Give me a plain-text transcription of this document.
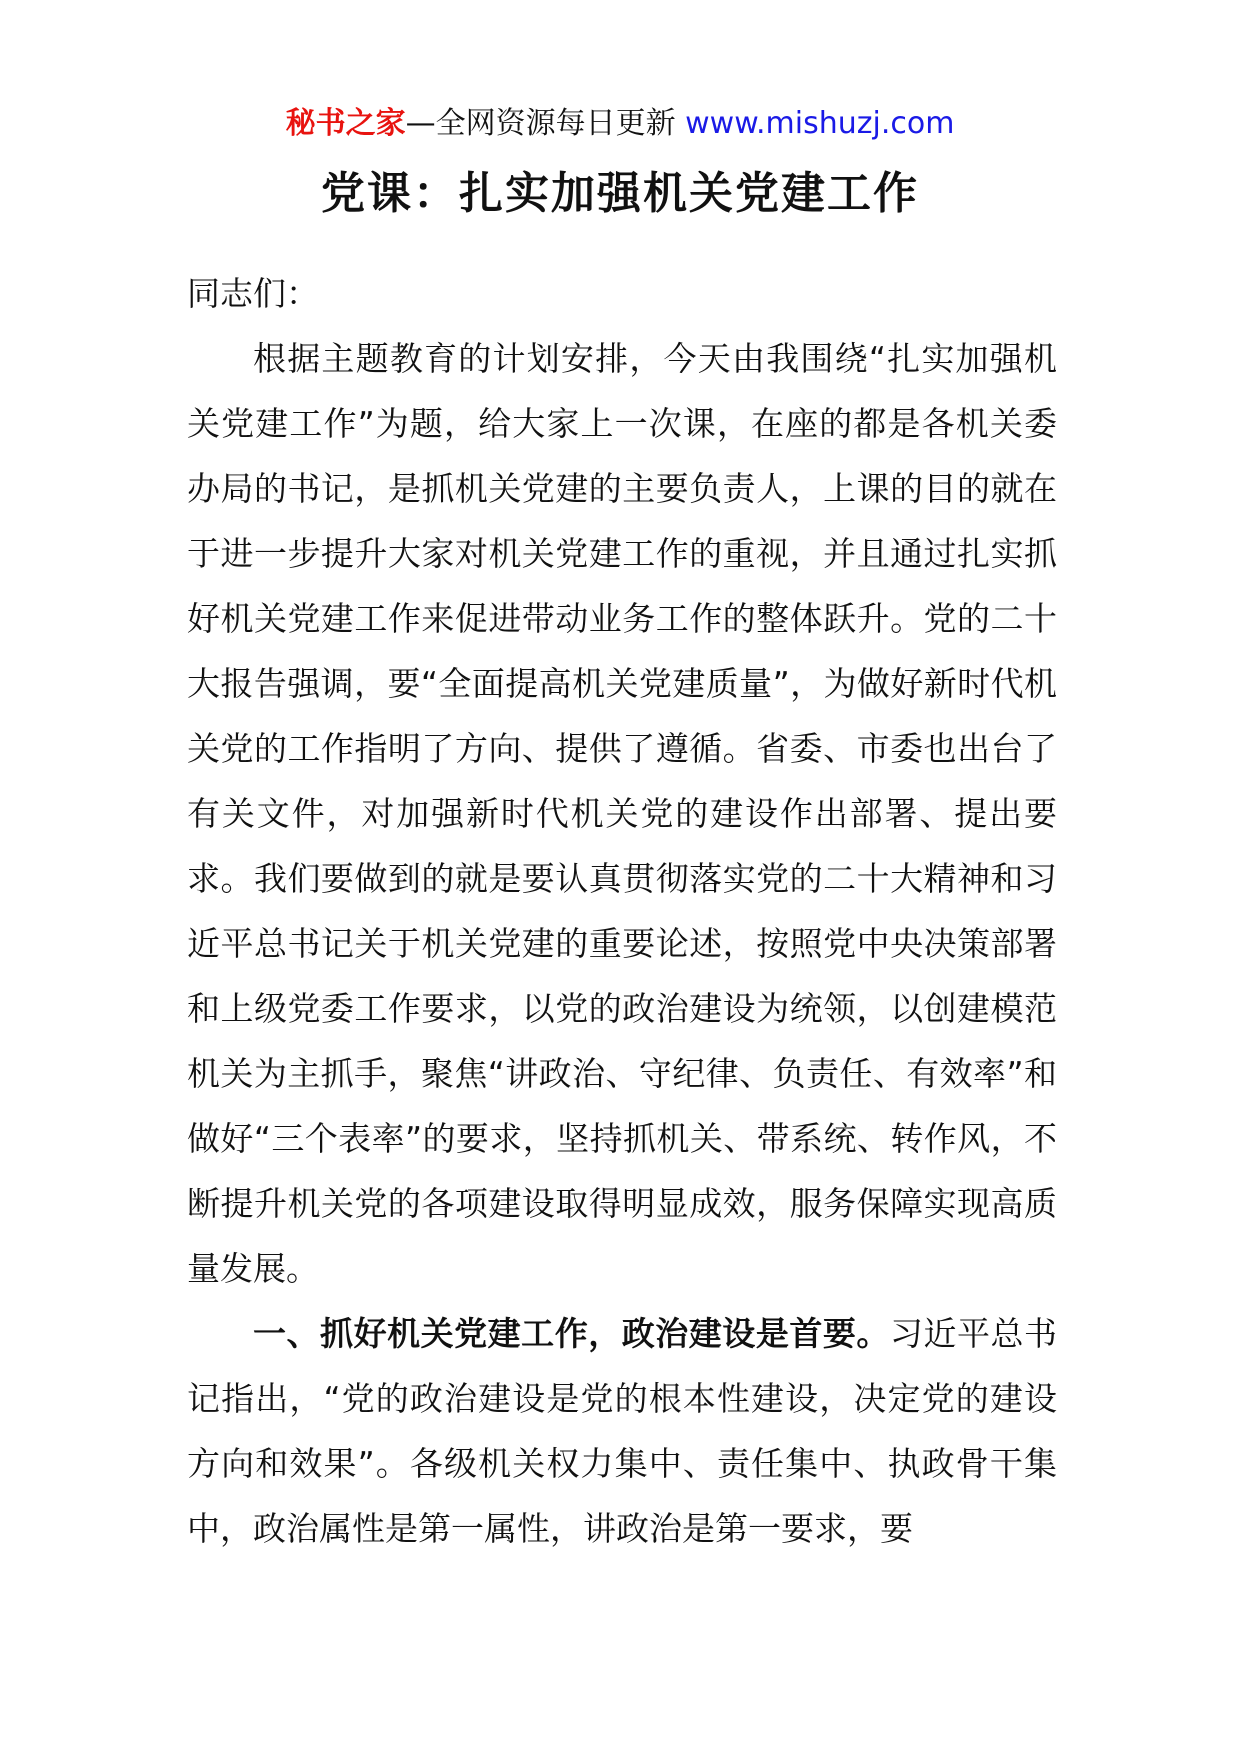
秘书之家—全网资源每日更新 www.mishuzj.com
党课：扎实加强机关党建工作

同志们：

根据主题教育的计划安排，今天由我围绕“扎实加强机关党建工作”为题，给大家上一次课，在座的都是各机关委办局的书记，是抓机关党建的主要负责人，上课的目的就在于进一步提升大家对机关党建工作的重视，并且通过扎实抓好机关党建工作来促进带动业务工作的整体跃升。党的二十大报告强调，要“全面提高机关党建质量”，为做好新时代机关党的工作指明了方向、提供了遵循。省委、市委也出台了有关文件，对加强新时代机关党的建设作出部署、提出要求。我们要做到的就是要认真贯彻落实党的二十大精神和习近平总书记关于机关党建的重要论述，按照党中央决策部署和上级党委工作要求，以党的政治建设为统领，以创建模范机关为主抓手，聚焦“讲政治、守纪律、负责任、有效率”和做好“三个表率”的要求，坚持抓机关、带系统、转作风，不断提升机关党的各项建设取得明显成效，服务保障实现高质量发展。

一、抓好机关党建工作，政治建设是首要。习近平总书记指出，“党的政治建设是党的根本性建设，决定党的建设方向和效果”。各级机关权力集中、责任集中、执政骨干集中，政治属性是第一属性，讲政治是第一要求，要
